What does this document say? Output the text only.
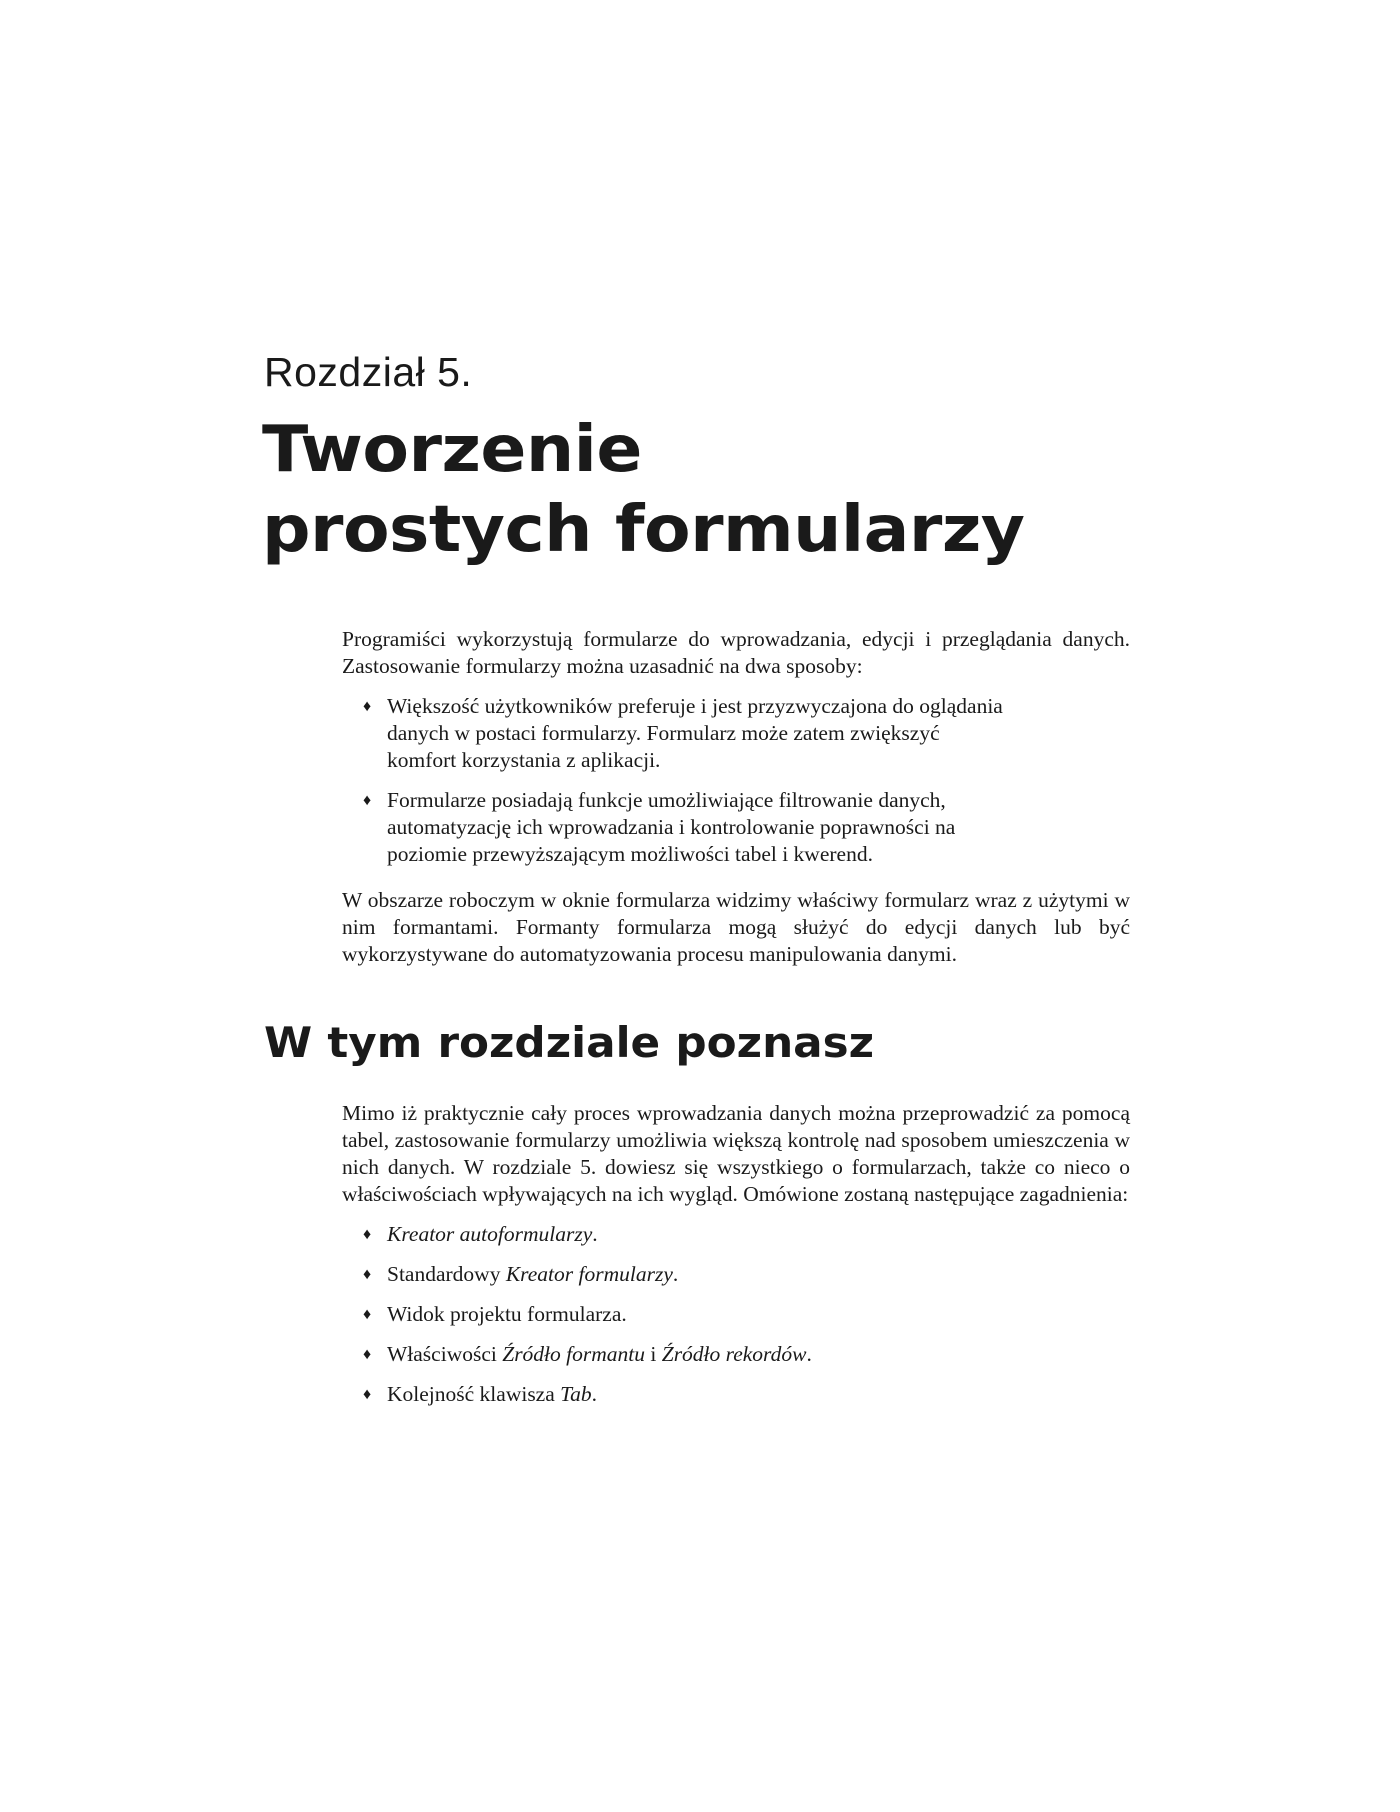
Rozdział 5.
Tworzenie
prostych formularzy

Programiści wykorzystują formularze do wprowadzania, edycji i przeglądania danych. Zastosowanie formularzy można uzasadnić na dwa sposoby:

♦ Większość użytkowników preferuje i jest przyzwyczajona do oglądania danych w postaci formularzy. Formularz może zatem zwiększyć komfort korzystania z aplikacji.
♦ Formularze posiadają funkcje umożliwiające filtrowanie danych, automatyzację ich wprowadzania i kontrolowanie poprawności na poziomie przewyższającym możliwości tabel i kwerend.

W obszarze roboczym w oknie formularza widzimy właściwy formularz wraz z użytymi w nim formantami. Formanty formularza mogą służyć do edycji danych lub być wykorzystywane do automatyzowania procesu manipulowania danymi.

W tym rozdziale poznasz

Mimo iż praktycznie cały proces wprowadzania danych można przeprowadzić za pomocą tabel, zastosowanie formularzy umożliwia większą kontrolę nad sposobem umieszczenia w nich danych. W rozdziale 5. dowiesz się wszystkiego o formularzach, także co nieco o właściwościach wpływających na ich wygląd. Omówione zostaną następujące zagadnienia:

♦ Kreator autoformularzy.
♦ Standardowy Kreator formularzy.
♦ Widok projektu formularza.
♦ Właściwości Źródło formantu i Źródło rekordów.
♦ Kolejność klawisza Tab.
